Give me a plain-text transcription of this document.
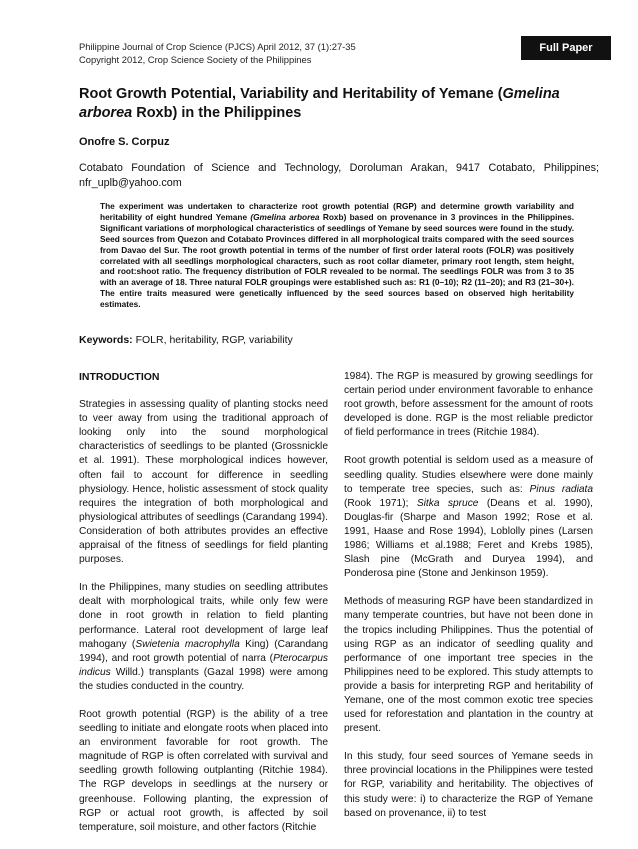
Philippine Journal of Crop Science (PJCS) April 2012, 37 (1):27-35
Copyright 2012, Crop Science Society of the Philippines
Full Paper
Root Growth Potential, Variability and Heritability of Yemane (Gmelina arborea Roxb) in the Philippines
Onofre S. Corpuz
Cotabato Foundation of Science and Technology, Doroluman Arakan, 9417 Cotabato, Philippines; nfr_uplb@yahoo.com
The experiment was undertaken to characterize root growth potential (RGP) and determine growth variability and heritability of eight hundred Yemane (Gmelina arborea Roxb) based on provenance in 3 provinces in the Philippines. Significant variations of morphological characteristics of seedlings of Yemane by seed sources were found in the study. Seed sources from Quezon and Cotabato Provinces differed in all morphological traits compared with the seed sources from Davao del Sur. The root growth potential in terms of the number of first order lateral roots (FOLR) was positively correlated with all seedlings morphological characters, such as root collar diameter, primary root length, stem height, and root:shoot ratio. The frequency distribution of FOLR revealed to be normal. The seedlings FOLR was from 3 to 35 with an average of 18. Three natural FOLR groupings were established such as: R1 (0–10); R2 (11–20); and R3 (21–30+). The entire traits measured were genetically influenced by the seed sources based on observed high heritability estimates.
Keywords: FOLR, heritability, RGP, variability
INTRODUCTION

Strategies in assessing quality of planting stocks need to veer away from using the traditional approach of looking only into the sound morphological characteristics of seedlings to be planted (Grossnickle et al. 1991). These morphological indices however, often fail to account for difference in seedling physiology. Hence, holistic assessment of stock quality requires the integration of both morphological and physiological attributes of seedlings (Carandang 1994). Consideration of both attributes provides an effective appraisal of the fitness of seedlings for field planting purposes.

In the Philippines, many studies on seedling attributes dealt with morphological traits, while only few were done in root growth in relation to field planting performance. Lateral root development of large leaf mahogany (Swietenia macrophylla King) (Carandang 1994), and root growth potential of narra (Pterocarpus indicus Willd.) transplants (Gazal 1998) were among the studies conducted in the country.

Root growth potential (RGP) is the ability of a tree seedling to initiate and elongate roots when placed into an environment favorable for root growth. The magnitude of RGP is often correlated with survival and seedling growth following outplanting (Ritchie 1984). The RGP develops in seedlings at the nursery or greenhouse. Following planting, the expression of RGP or actual root growth, is affected by soil temperature, soil moisture, and other factors (Ritchie

1984). The RGP is measured by growing seedlings for certain period under environment favorable to enhance root growth, before assessment for the amount of roots developed is done. RGP is the most reliable predictor of field performance in trees (Ritchie 1984).

Root growth potential is seldom used as a measure of seedling quality. Studies elsewhere were done mainly to temperate tree species, such as: Pinus radiata (Rook 1971); Sitka spruce (Deans et al. 1990), Douglas-fir (Sharpe and Mason 1992; Rose et al. 1991, Haase and Rose 1994), Loblolly pines (Larsen 1986; Williams et al.1988; Feret and Krebs 1985), Slash pine (McGrath and Duryea 1994), and Ponderosa pine (Stone and Jenkinson 1959).

Methods of measuring RGP have been standardized in many temperate countries, but have not been done in the tropics including Philippines. Thus the potential of using RGP as an indicator of seedling quality and performance of one important tree species in the Philippines need to be explored. This study attempts to provide a basis for interpreting RGP and heritability of Yemane, one of the most common exotic tree species used for reforestation and plantation in the country at present.

In this study, four seed sources of Yemane seeds in three provincial locations in the Philippines were tested for RGP, variability and heritability. The objectives of this study were: i) to characterize the RGP of Yemane based on provenance, ii) to test
